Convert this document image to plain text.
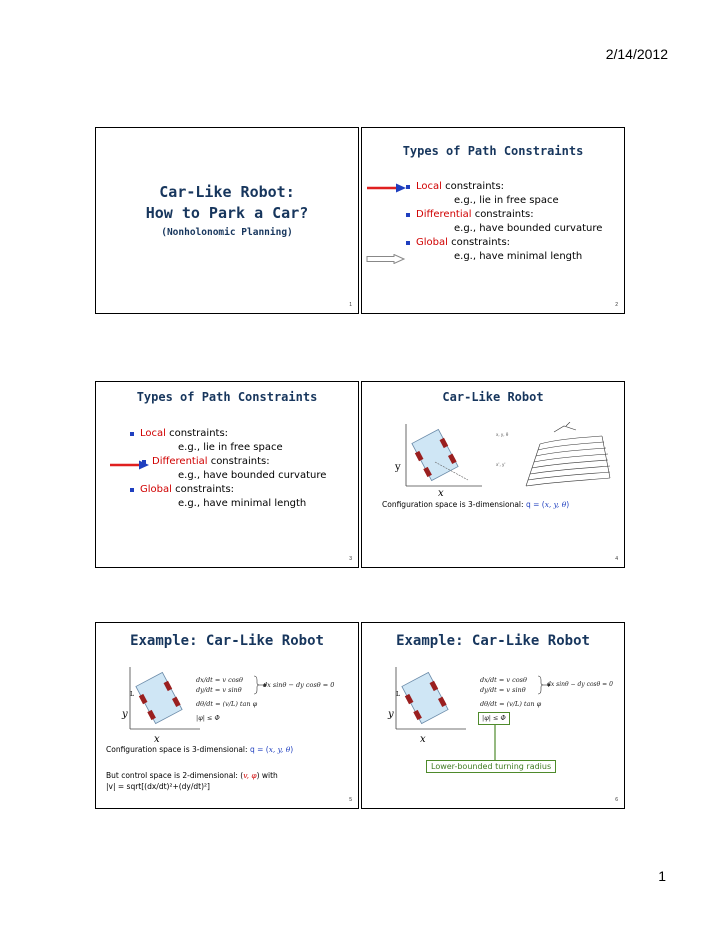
2/14/2012
Car-Like Robot:
How to Park a Car?
(Nonholonomic Planning)
1
Types of Path Constraints
Local constraints:
e.g., lie in free space
Differential constraints:
e.g., have bounded curvature
Global constraints:
e.g., have minimal length
2
Types of Path Constraints
Local constraints:
e.g., lie in free space
Differential constraints:
e.g., have bounded curvature
Global constraints:
e.g., have minimal length
3
Car-Like Robot
y
x
x, y, θ
x', y'
Configuration space is 3-dimensional: q = (x, y, θ)
4
Example: Car-Like Robot
L
y
x
dx/dt = v cosθ
dy/dt = v sinθ
dθ/dt = (v/L) tan φ
|φ| ≤ Φ
dx sinθ − dy cosθ = 0
Configuration space is 3-dimensional: q = (x, y, θ)
But control space is 2-dimensional: (v, φ) with
|v| = sqrt[(dx/dt)²+(dy/dt)²]
5
Example: Car-Like Robot
L
y
x
dx/dt = v cosθ
dy/dt = v sinθ
dθ/dt = (v/L) tan φ
|φ| ≤ Φ
dx sinθ − dy cosθ = 0
Lower-bounded turning radius
6
1
